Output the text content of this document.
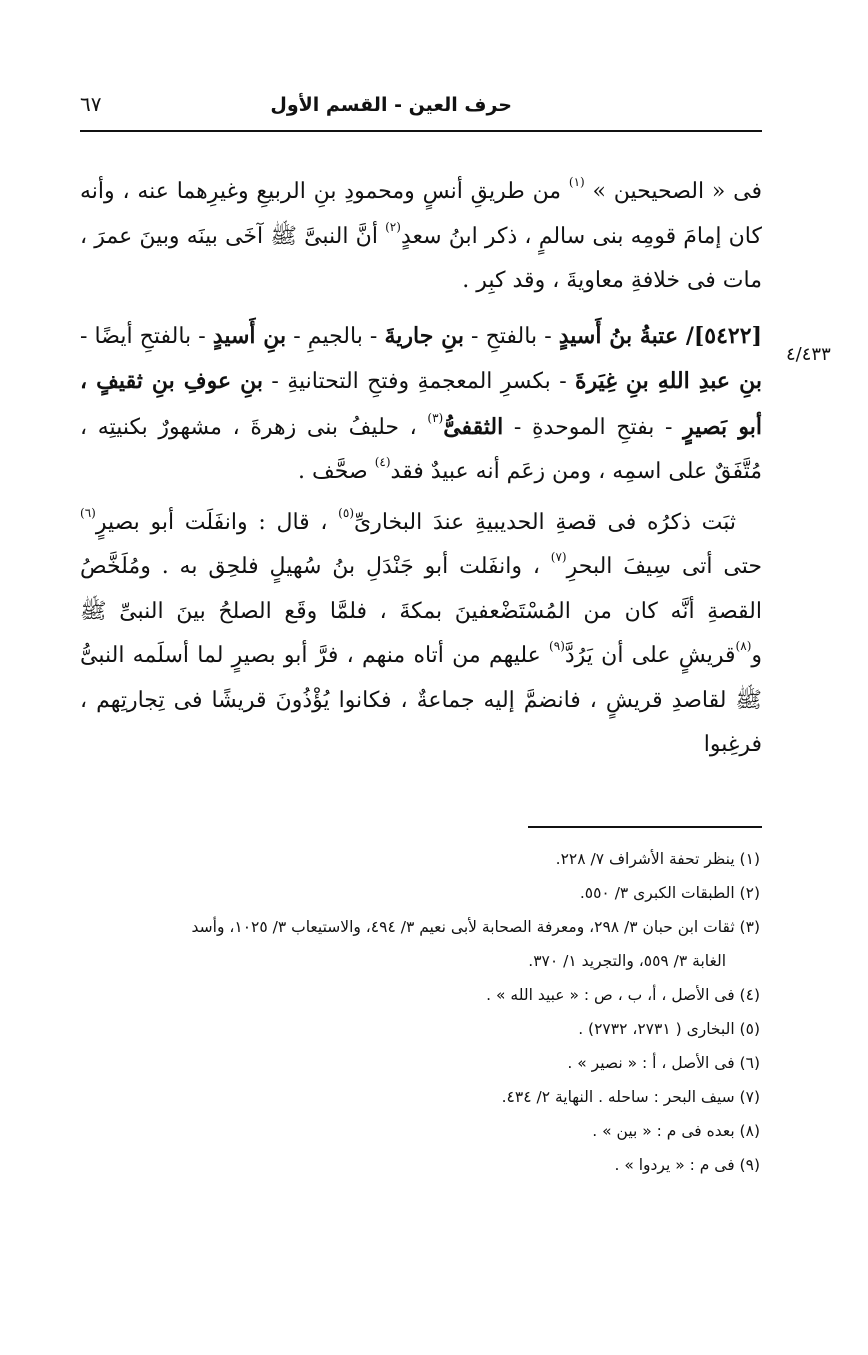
حرف العين - القسم الأول
٦٧
٤/٤٣٣

فى « الصحيحين » $^{(١)}$ من طريقِ أنسٍ ومحمودِ بنِ الربيعِ وغيرِهما عنه ، وأنه كان إمامَ قومِه بنى سالمٍ ، ذكر ابنُ سعدٍ$^{(٢)}$ أنَّ النبىَّ ﷺ آخَى بينَه وبينَ عمرَ ، مات فى خلافةِ معاويةَ ، وقد كبِر .

[٥٤٢٢]/ عتبةُ بنُ أَسيدٍ - بالفتحِ - بنِ جاريةَ - بالجيمِ - بنِ أَسيدٍ - بالفتحِ أيضًا - بنِ عبدِ اللهِ بنِ غِيَرةَ - بكسرِ المعجمةِ وفتحِ التحتانيةِ - بنِ عوفِ بنِ ثقيفٍ ، أبو بَصيرٍ - بفتحِ الموحدةِ - الثقفىُّ$^{(٣)}$ ، حليفُ بنى زهرةَ ، مشهورٌ بكنيتِه ، مُتَّفَقٌ على اسمِه ، ومن زعَم أنه عبيدٌ فقد$^{(٤)}$ صحَّف .

ثبَت ذكرُه فى قصةِ الحديبيةِ عندَ البخارىِّ$^{(٥)}$ ، قال : وانفَلَت أبو بصيرٍ$^{(٦)}$ حتى أتى سِيفَ البحرِ$^{(٧)}$ ، وانفَلت أبو جَنْدَلِ بنُ سُهيلٍ فلحِق به . ومُلَخَّصُ القصةِ أنَّه كان من المُسْتَضْعفينَ بمكةَ ، فلمَّا وقَع الصلحُ بينَ النبىِّ ﷺ و$^{(٨)}$قريشٍ على أن يَرُدَّ$^{(٩)}$ عليهم من أتاه منهم ، فرَّ أبو بصيرٍ لما أسلَمه النبىُّ ﷺ لقاصدِ قريشٍ ، فانضمَّ إليه جماعةٌ ، فكانوا يُؤْذُونَ قريشًا فى تِجارتِهم ، فرغِبوا

(١) ينظر تحفة الأشراف ٧/ ٢٢٨.

(٢) الطبقات الكبرى ٣/ ٥٥٠.

(٣) ثقات ابن حبان ٣/ ٢٩٨، ومعرفة الصحابة لأبى نعيم ٣/ ٤٩٤، والاستيعاب ٣/ ١٠٢٥، وأسد

الغابة ٣/ ٥٥٩، والتجريد ١/ ٣٧٠.

(٤) فى الأصل ، أ، ب ، ص : « عبيد الله » .

(٥) البخارى ( ٢٧٣١، ٢٧٣٢) .

(٦) فى الأصل ، أ : « نصير » .

(٧) سيف البحر : ساحله . النهاية ٢/ ٤٣٤.

(٨) بعده فى م : « بين » .

(٩) فى م : « يردوا » .
